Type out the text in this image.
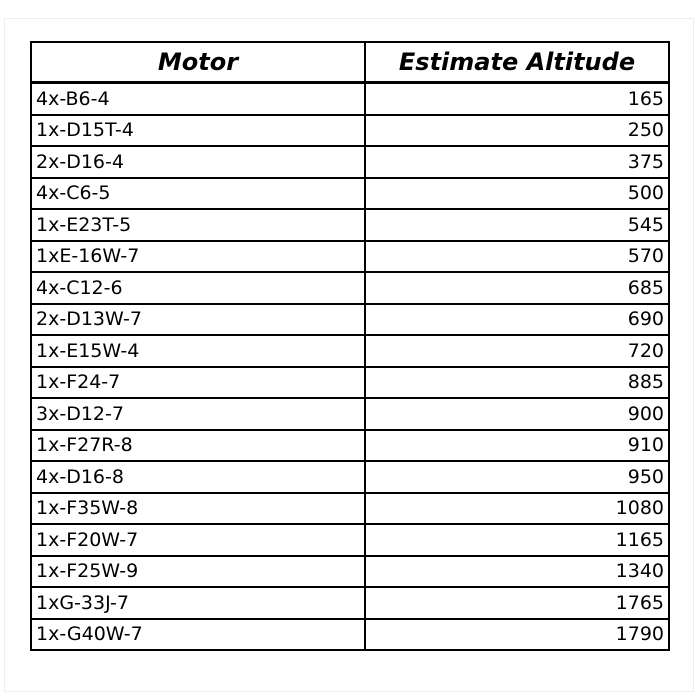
Motor	Estimate Altitude
4x-B6-4	165
1x-D15T-4	250
2x-D16-4	375
4x-C6-5	500
1x-E23T-5	545
1xE-16W-7	570
4x-C12-6	685
2x-D13W-7	690
1x-E15W-4	720
1x-F24-7	885
3x-D12-7	900
1x-F27R-8	910
4x-D16-8	950
1x-F35W-8	1080
1x-F20W-7	1165
1x-F25W-9	1340
1xG-33J-7	1765
1x-G40W-7	1790
